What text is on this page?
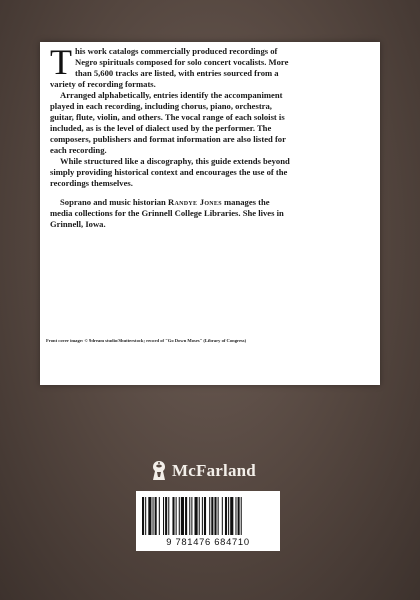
This work catalogs commercially produced recordings of Negro spirituals composed for solo concert vocalists. More than 5,600 tracks are listed, with entries sourced from a variety of recording formats.

Arranged alphabetically, entries identify the accompaniment played in each recording, including chorus, piano, orchestra, guitar, flute, violin, and others. The vocal range of each soloist is included, as is the level of dialect used by the performer. The composers, publishers and format information are also listed for each recording.

While structured like a discography, this guide extends beyond simply providing historical context and encourages the use of the recordings themselves.

Soprano and music historian Randye Jones manages the media collections for the Grinnell College Libraries. She lives in Grinnell, Iowa.

Front cover image: © 9dream studio/Shutterstock; record of "Go Down Moses" (Library of Congress)
McFarland
9 781476 684710
